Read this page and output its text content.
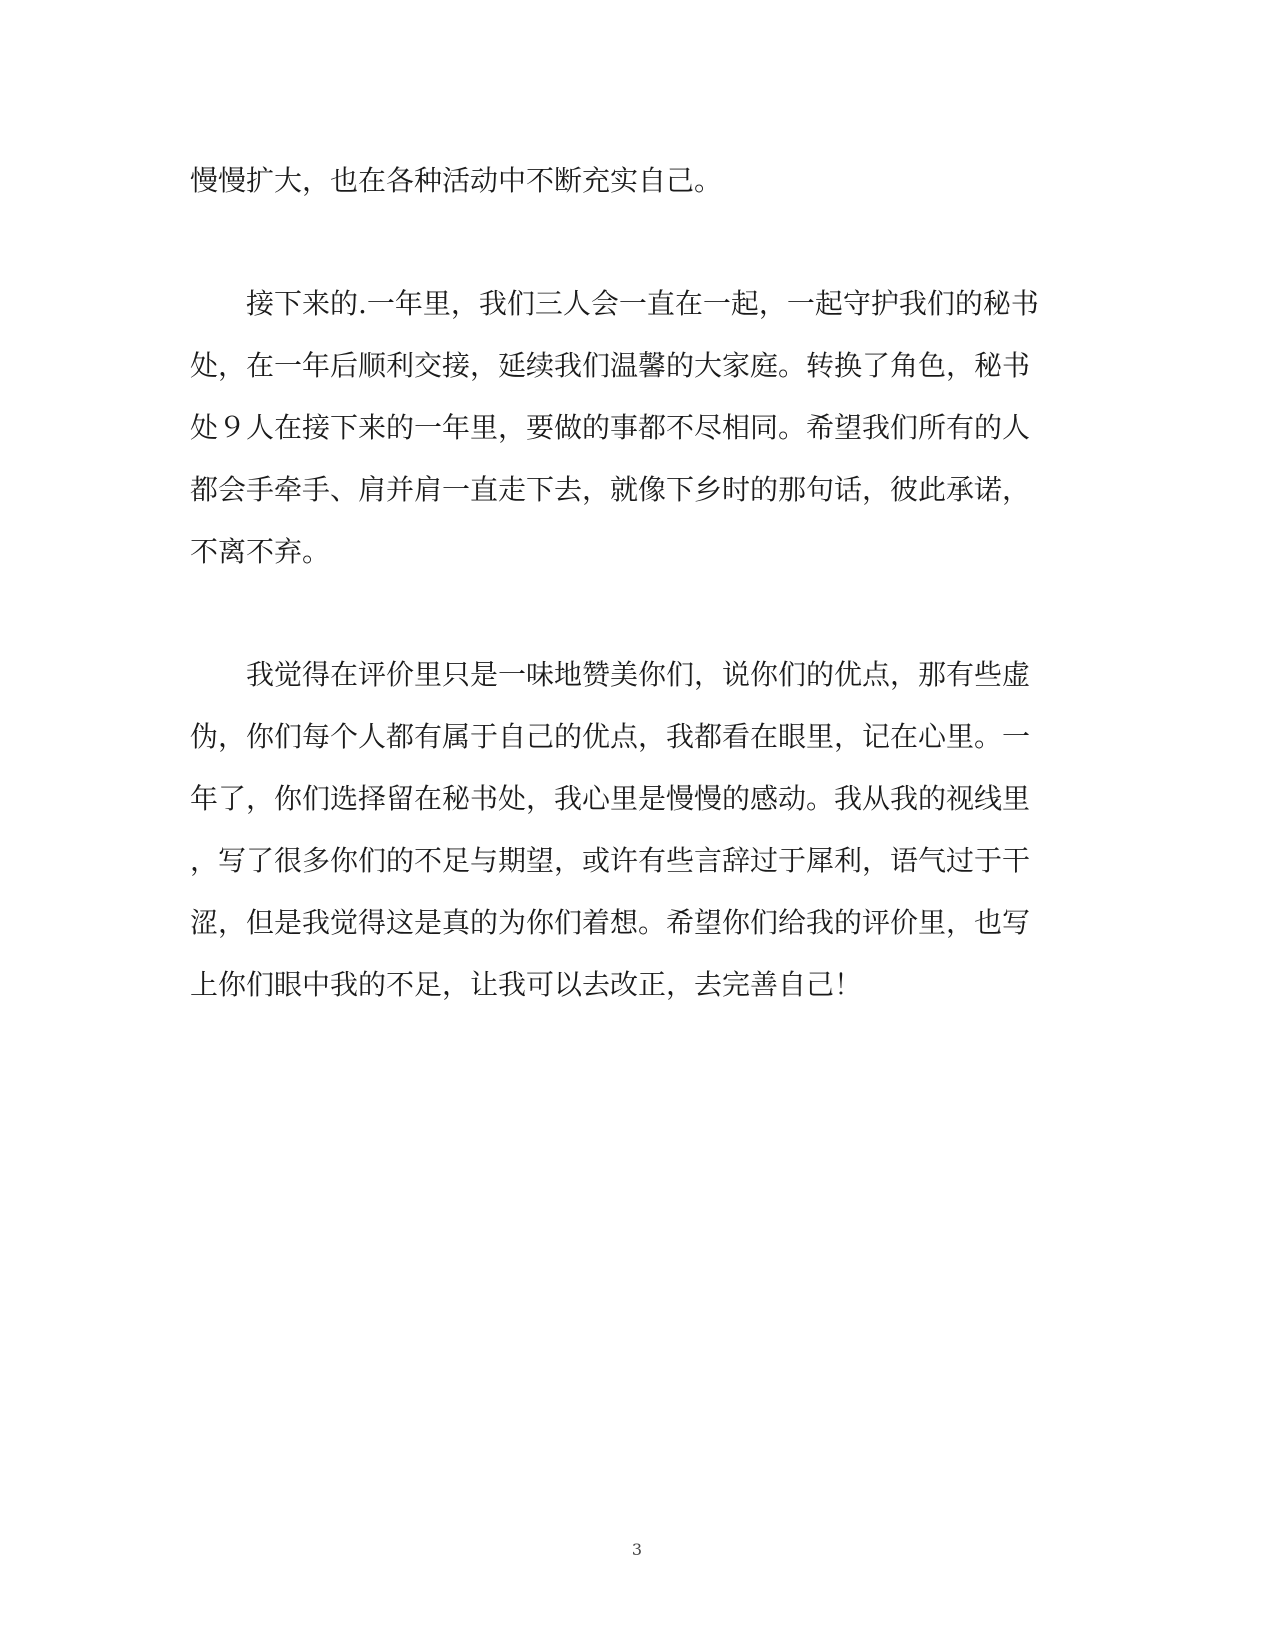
慢慢扩大，也在各种活动中不断充实自己。

　　接下来的.一年里，我们三人会一直在一起，一起守护我们的秘书

处，在一年后顺利交接，延续我们温馨的大家庭。转换了角色，秘书

处９人在接下来的一年里，要做的事都不尽相同。希望我们所有的人

都会手牵手、肩并肩一直走下去，就像下乡时的那句话，彼此承诺，

不离不弃。

　　我觉得在评价里只是一味地赞美你们，说你们的优点，那有些虚

伪，你们每个人都有属于自己的优点，我都看在眼里，记在心里。一

年了，你们选择留在秘书处，我心里是慢慢的感动。我从我的视线里

，写了很多你们的不足与期望，或许有些言辞过于犀利，语气过于干

涩，但是我觉得这是真的为你们着想。希望你们给我的评价里，也写

上你们眼中我的不足，让我可以去改正，去完善自己！

3
